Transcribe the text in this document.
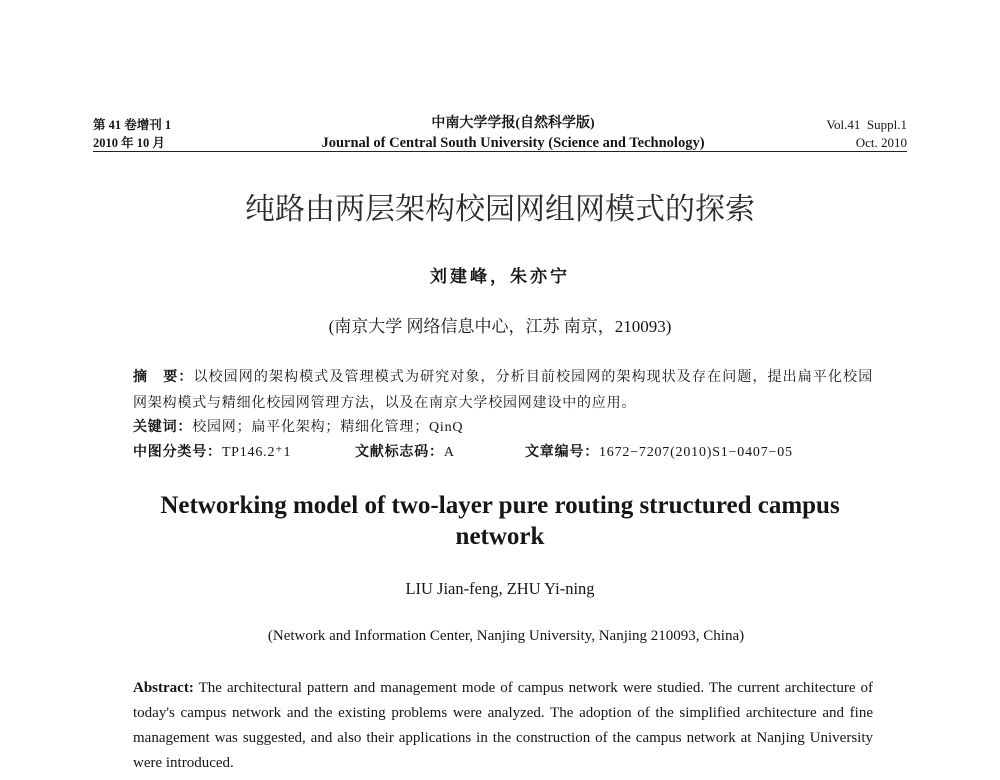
第 41 卷增刊 1
2010 年 10 月
中南大学学报(自然科学版)
Journal of Central South University (Science and Technology)
Vol.41  Suppl.1
Oct. 2010
纯路由两层架构校园网组网模式的探索
刘建峰，朱亦宁
(南京大学 网络信息中心，江苏 南京，210093)
摘　要：以校园网的架构模式及管理模式为研究对象，分析目前校园网的架构现状及存在问题，提出扁平化校园
网架构模式与精细化校园网管理方法，以及在南京大学校园网建设中的应用。
关键词：校园网；扁平化架构；精细化管理；QinQ
中图分类号：TP146.2⁺1	文献标志码：A	文章编号：1672−7207(2010)S1−0407−05
Networking model of two-layer pure routing structured campus network
LIU Jian-feng, ZHU Yi-ning
(Network and Information Center, Nanjing University, Nanjing 210093, China)
Abstract: The architectural pattern and management mode of campus network were studied. The current architecture of
today's campus network and the existing problems were analyzed. The adoption of the simplified architecture and fine
management was suggested, and also their applications in the construction of the campus network at Nanjing University
were introduced.
